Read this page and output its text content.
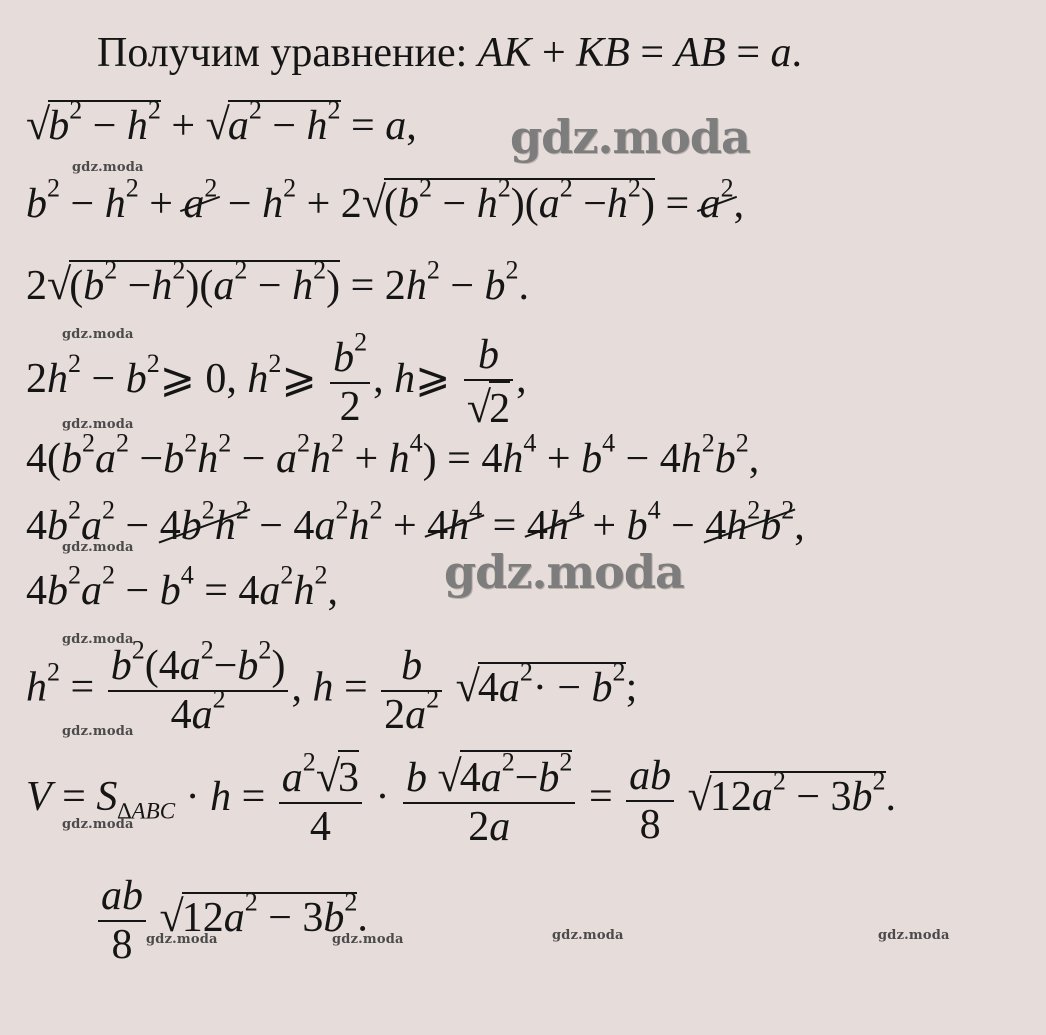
Получим уравнение: AK + KB = AB = a.
$√b^2 - h^2 + √a^2 - h^2 = a$,
$b^2 - h^2 + a^2 - h^2 + 2√(b^2 - h^2)(a^2 -h^2) = a^2$,
$2√(b^2 -h^2)(a^2 - h^2) = 2h^2 - b^2$.
$2h^2$ − $b^2⩾$ 0, $h^2⩾ \frac{b^2}{2}$ , h⩾ $\frac{b}{√2}$ ,
$4(b^2a^2 -b^2h^2 - a^2h^2 + h^4) = 4h^4 + b^4 - 4h^2b^2$,
$4b^2a^2 - 4b^2h^2 - 4a^2h^2 + 4h^4 = 4h^4 + b^4 - 4h^2b^2$,
$4b^2a^2 - b^4 = 4a^2h^2$,
$h^2 = \frac{b^2(4a^2-b^2)}{4a^2}$ , $h = \frac{b}{2a^2} √4a^2\cdot - b^2$;
$V = S_{\Delta ABC} \cdot h = \frac{a^2√3}{4} \cdot \frac{b √4a^2-b^2}{2a} = \frac{ab}{8} √12a^2 - 3b^2$.
$\frac{ab}{8} √12a^2 - 3b^2$.
gdz.moda
gdz.moda
gdz.moda
gdz.moda
gdz.moda
gdz.moda
gdz.moda
gdz.moda
gdz.moda
gdz.moda	gdz.moda	gdz.moda	gdz.moda
